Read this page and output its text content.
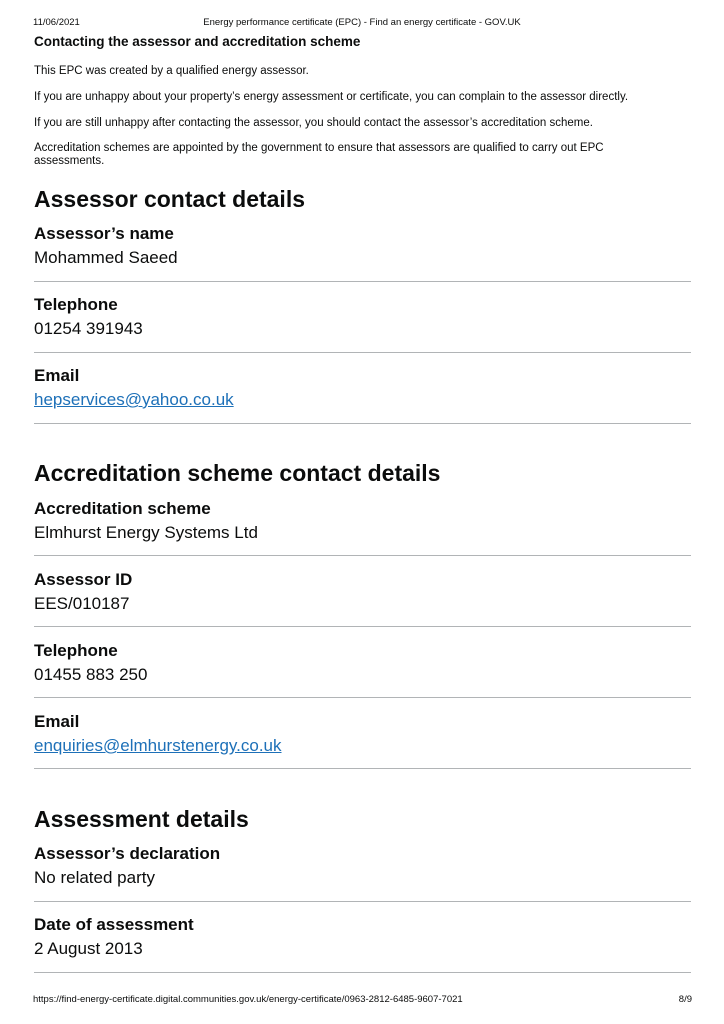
11/06/2021	Energy performance certificate (EPC) - Find an energy certificate - GOV.UK
Contacting the assessor and accreditation scheme

This EPC was created by a qualified energy assessor.

If you are unhappy about your property’s energy assessment or certificate, you can complain to the assessor directly.

If you are still unhappy after contacting the assessor, you should contact the assessor’s accreditation scheme.

Accreditation schemes are appointed by the government to ensure that assessors are qualified to carry out EPC assessments.

Assessor contact details
Assessor’s name
Mohammed Saeed
Telephone
01254 391943
Email
hepservices@yahoo.co.uk
Accreditation scheme contact details
Accreditation scheme
Elmhurst Energy Systems Ltd
Assessor ID
EES/010187
Telephone
01455 883 250
Email
enquiries@elmhurstenergy.co.uk
Assessment details
Assessor’s declaration
No related party
Date of assessment
2 August 2013
https://find-energy-certificate.digital.communities.gov.uk/energy-certificate/0963-2812-6485-9607-7021	8/9
